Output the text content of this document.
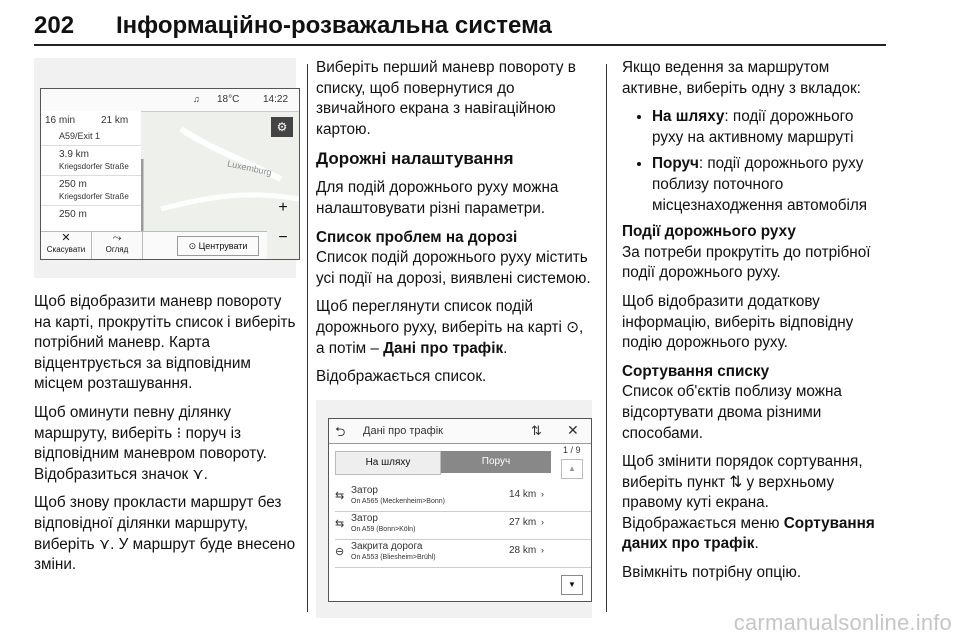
202 Інформаційно-розважальна система
♫ 18°C 14:22
Luxemburg
16 min	21 km
A59/Exit 1
3.9 km
Kriegsdorfer Straße
250 m
Kriegsdorfer Straße
250 m
⚙
+
−
✕
Скасувати
⤳
Огляд	⊙ Центрувати

Щоб відобразити маневр повороту на карті, прокрутіть список і виберіть потрібний маневр. Карта відцентрується за відповідним місцем розташування.

Щоб оминути певну ділянку маршруту, виберіть ⁝ поруч із відповідним маневром повороту. Відобразиться значок ⋎.

Щоб знову прокласти маршрут без відповідної ділянки маршруту, виберіть ⋎. У маршрут буде внесено зміни.

Виберіть перший маневр повороту в списку, щоб повернутися до звичайного екрана з навігаційною картою.

Дорожні налаштування

Для подій дорожнього руху можна налаштовувати різні параметри.

Список проблем на дорозі

Список подій дорожнього руху містить усі події на дорозі, виявлені системою.

Щоб переглянути список подій дорожнього руху, виберіть на карті ⊙, а потім – Дані про трафік.

Відображається список.

⮌ Дані про трафік	⇅ ✕
На шляху	Поруч
1 / 9
▲
▼
⇆ Затор
On A565 (Meckenheim>Bonn)
14 km ›
⇆ Затор
On A59 (Bonn>Köln)
27 km ›
⊖ Закрита дорога
On A553 (Bliesheim>Brühl)
28 km ›

Якщо ведення за маршрутом активне, виберіть одну з вкладок:

• На шляху: події дорожнього руху на активному маршруті
• Поруч: події дорожнього руху поблизу поточного місцезнаходження автомобіля
Події дорожнього руху

За потреби прокрутіть до потрібної події дорожнього руху.

Щоб відобразити додаткову інформацію, виберіть відповідну подію дорожнього руху.

Сортування списку

Список об'єктів поблизу можна відсортувати двома різними способами.

Щоб змінити порядок сортування, виберіть пункт ⇅ у верхньому правому куті екрана.

Відображається меню Сортування даних про трафік.

Ввімкніть потрібну опцію.

carmanualsonline.info
